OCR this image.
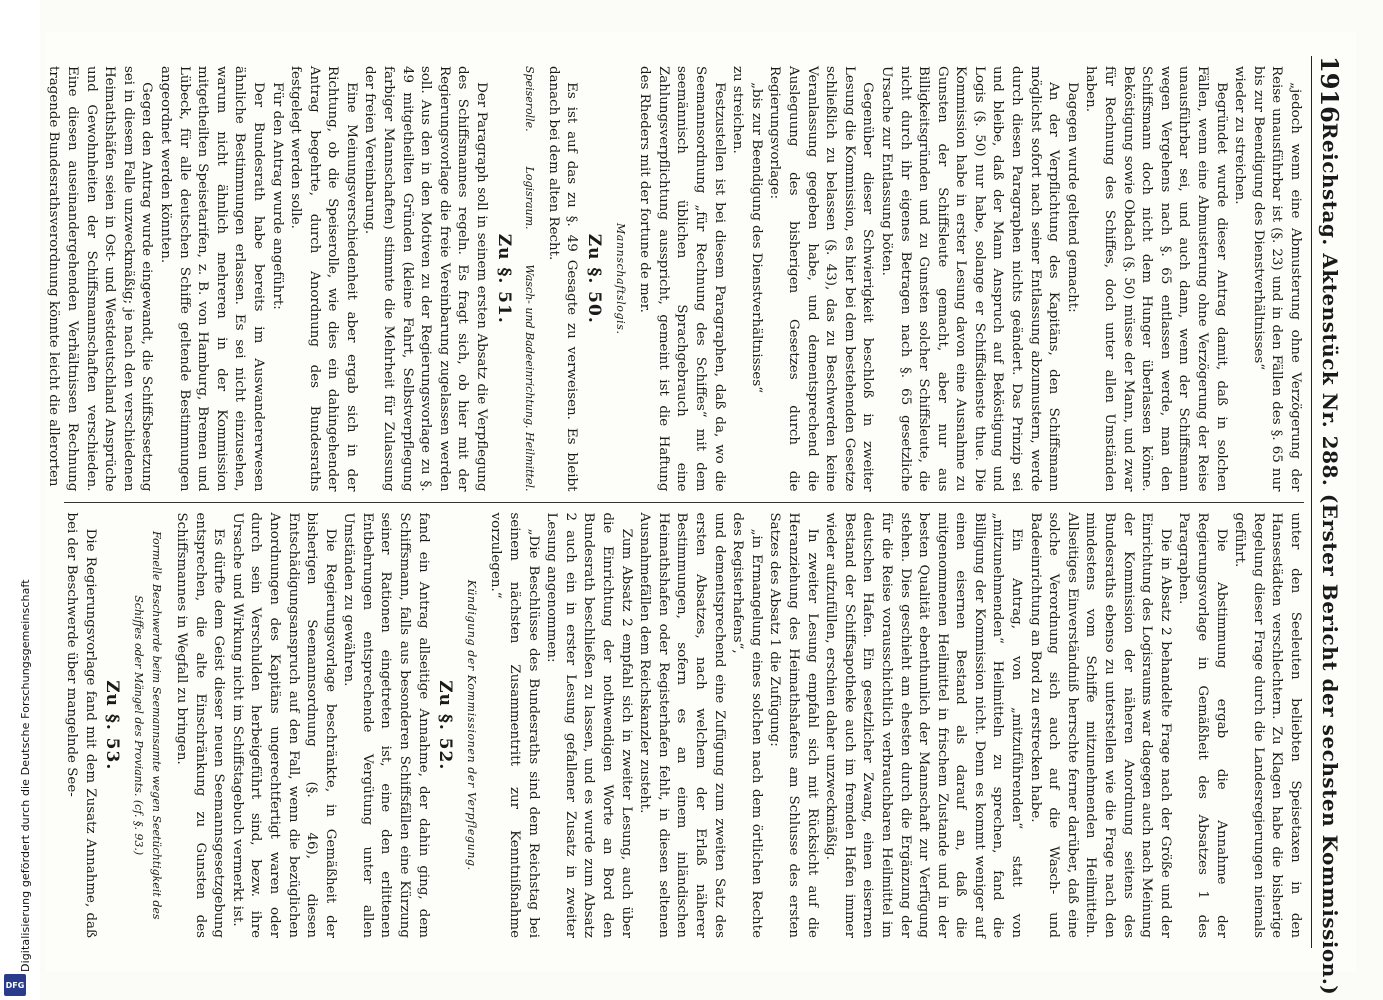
Digitalisierung gefördert durch die Deutsche Forschungsgemeinschaft
DFG
1916
Reichstag. Aktenstück Nr. 288. (Erster Bericht der sechsten Kommission.)

„jedoch wenn eine Abmusterung ohne Verzögerung der Reise unausführbar ist (§. 23) und in den Fällen des §. 65 nur bis zur Beendigung des Dienstverhältnisses“

wieder zu streichen.

Begründet wurde dieser Antrag damit, daß in solchen Fällen, wenn eine Abmusterung ohne Verzögerung der Reise unausführbar sei, und auch dann, wenn der Schiffsmann wegen Vergehens nach §. 65 entlassen werde, man den Schiffsmann doch nicht dem Hunger überlassen könne. Beköstigung sowie Obdach (§. 50) müsse der Mann, und zwar für Rechnung des Schiffes, doch unter allen Umständen haben.

Dagegen wurde geltend gemacht:

An der Verpflichtung des Kapitäns, den Schiffsmann möglichst sofort nach seiner Entlassung abzumustern, werde durch diesen Paragraphen nichts geändert. Das Prinzip sei und bleibe, daß der Mann Anspruch auf Beköstigung und Logis (§. 50) nur habe, solange er Schiffsdienste thue. Die Kommission habe in erster Lesung davon eine Ausnahme zu Gunsten der Schiffsleute gemacht, aber nur aus Billigkeitsgründen und zu Gunsten solcher Schiffsleute, die nicht durch ihr eigenes Betragen nach §. 65 gesetzliche Ursache zur Entlassung böten.

Gegenüber dieser Schwierigkeit beschloß in zweiter Lesung die Kommission, es hier bei dem bestehenden Gesetze schließlich zu belassen (§. 43), das zu Beschwerden keine Veranlassung gegeben habe, und dementsprechend die Ausleguung des bisherigen Gesetzes durch die Regierungsvorlage:

„bis zur Beendigung des Dienstverhältnisses“

zu streichen.

Festzustellen ist bei diesem Paragraphen, daß da, wo die Seemannsordnung „für Rechnung des Schiffes“ mit dem seemännisch üblichen Sprachgebrauch eine Zahlungsverpflichtung ausspricht, gemeint ist die Haftung des Rheders mit der fortune de mer.

Mannschaftslogis.
Zu §. 50.

Es ist auf das zu §. 49 Gesagte zu verweisen. Es bleibt danach bei dem alten Recht.

Speiserolle.
Logisraum.
Wasch- und Badeeinrichtung. Heilmittel.
Zu §. 51.

Der Paragraph soll in seinem ersten Absatz die Verpflegung des Schiffsmannes regeln. Es fragt sich, ob hier mit der Regierungsvorlage die freie Vereinbarung zugelassen werden soll. Aus den in den Motiven zu der Regierungsvorlage zu §. 49 mitgetheilten Gründen (kleine Fahrt, Selbstverpflegung farbiger Mannschaften) stimmte die Mehrheit für Zulassung der freien Vereinbarung.

Eine Meinungsverschiedenheit aber ergab sich in der Richtung, ob die Speiserolle, wie dies ein dahingehender Antrag begehrte, durch Anordnung des Bundesraths festgelegt werden solle.

Für den Antrag wurde angeführt:

Der Bundesrath habe bereits im Auswandererwesen ähnliche Bestimmungen erlassen. Es sei nicht einzusehen, warum nicht ähnlich mehreren in der Kommission mitgetheilten Speisetarifen, z. B. von Hamburg, Bremen und Lübeck, für alle deutschen Schiffe geltende Bestimmungen angeordnet werden könnten.

Gegen den Antrag wurde eingewandt, die Schiffsbesetzung sei in diesem Falle unzweckmäßig; je nach den verschiedenen Heimathshäfen seien in Ost- und Westdeutschland Ansprüche und Gewohnheiten der Schiffsmannschaften verschieden. Eine diesen auseinandergehenden Verhältnissen Rechnung tragende Bundesrathsverordnung könnte leicht die allerorten

unter den Seeleuten beliebten Speisetaxen in den Hansestädten verschlechtern. Zu Klagen habe die bisherige Regelung dieser Frage durch die Landesregierungen niemals geführt.

Die Abstimmung ergab die Annahme der Regierungsvorlage in Gemäßheit des Absatzes 1 des Paragraphen.

Die in Absatz 2 behandelte Frage nach der Größe und der Einrichtung des Logisraums war dagegen auch nach Meinung der Kommission der näheren Anordnung seitens des Bundesraths ebenso zu unterstellen wie die Frage nach den mindestens vom Schiffe mitzunehmenden Heilmitteln. Allseitiges Einverständniß herrschte ferner darüber, daß eine solche Verordnung sich auch auf die Wasch- und Badeeinrichtung an Bord zu erstrecken habe.

Ein Antrag, von „mitzuführenden“ statt von „mitzunehmenden“ Heilmitteln zu sprechen, fand die Billigung der Kommission nicht. Denn es kommt weniger auf einen eisernen Bestand als darauf an, daß die mitgenommenen Heilmittel in frischem Zustande und in der besten Qualität ebenthunlich der Mannschaft zur Verfügung stehen. Dies geschieht am ehesten durch die Ergänzung der für die Reise vorausschichtlich verbrauchbaren Heilmittel im deutschen Hafen. Ein gesetzlicher Zwang, einen eisernen Bestand der Schiffsapotheke auch im fremden Hafen immer wieder aufzufüllen, erschien daher unzweckmäßig.

In zweiter Lesung empfahl sich mit Rücksicht auf die Heranziehung des Heimathshafens am Schlusse des ersten Satzes des Absatz 1 die Zufügung:

„in Ermangelung eines solchen nach dem örtlichen Rechte des Registerhafens“,

und dementsprechend eine Zufügung zum zweiten Satz des ersten Absatzes, nach welchem der Erlaß näherer Bestimmungen, sofern es an einem inländischen Heimathshafen oder Registerhafen fehlt, in diesen seltenen Ausnahmefällen dem Reichskanzler zusteht.

Zum Absatz 2 empfahl sich in zweiter Lesung, auch über die Einrichtung der nothwendigen Worte an Bord den Bundesrath beschließen zu lassen, und es wurde zum Absatz 2 auch ein in erster Lesung gefallener Zusatz in zweiter Lesung angenommen:

„Die Beschlüsse des Bundesraths sind dem Reichstag bei seinem nächsten Zusammentritt zur Kenntnißnahme vorzulegen.“

Kündigung der Kommissionen der Verpflegung.
Zu §. 52.

fand ein Antrag allseitige Annahme, der dahin ging, dem Schiffsmann, falls aus besonderen Schiffsfällen eine Kürzung seiner Rationen eingetreten ist, eine den erlittenen Entbehrungen entsprechende Vergütung unter allen Umständen zu gewähren.

Die Regierungsvorlage beschränkte, in Gemäßheit der bisherigen Seemannsordnung (§. 46), diesen Entschädigungsanspruch auf den Fall, wenn die bezüglichen Anordnungen des Kapitäns ungerechtfertigt waren oder durch sein Verschulden herbeigeführt sind, bezw. ihre Ursache und Wirkung nicht im Schiffstagebuch vermerkt ist.

Es dürfte dem Geist dieser neuen Seemannsgesetzgebung entsprechen, die alte Einschränkung zu Gunsten des Schiffsmannes in Wegfall zu bringen.

Formelle Beschwerde beim Seemannsamte wegen Seetüchtigkeit des
Schiffes oder Mängel des Proviants. (cf. §. 93.)
Zu §. 53.

Die Regierungsvorlage fand mit dem Zusatz Annahme, daß bei der Beschwerde über mangelnde See-
